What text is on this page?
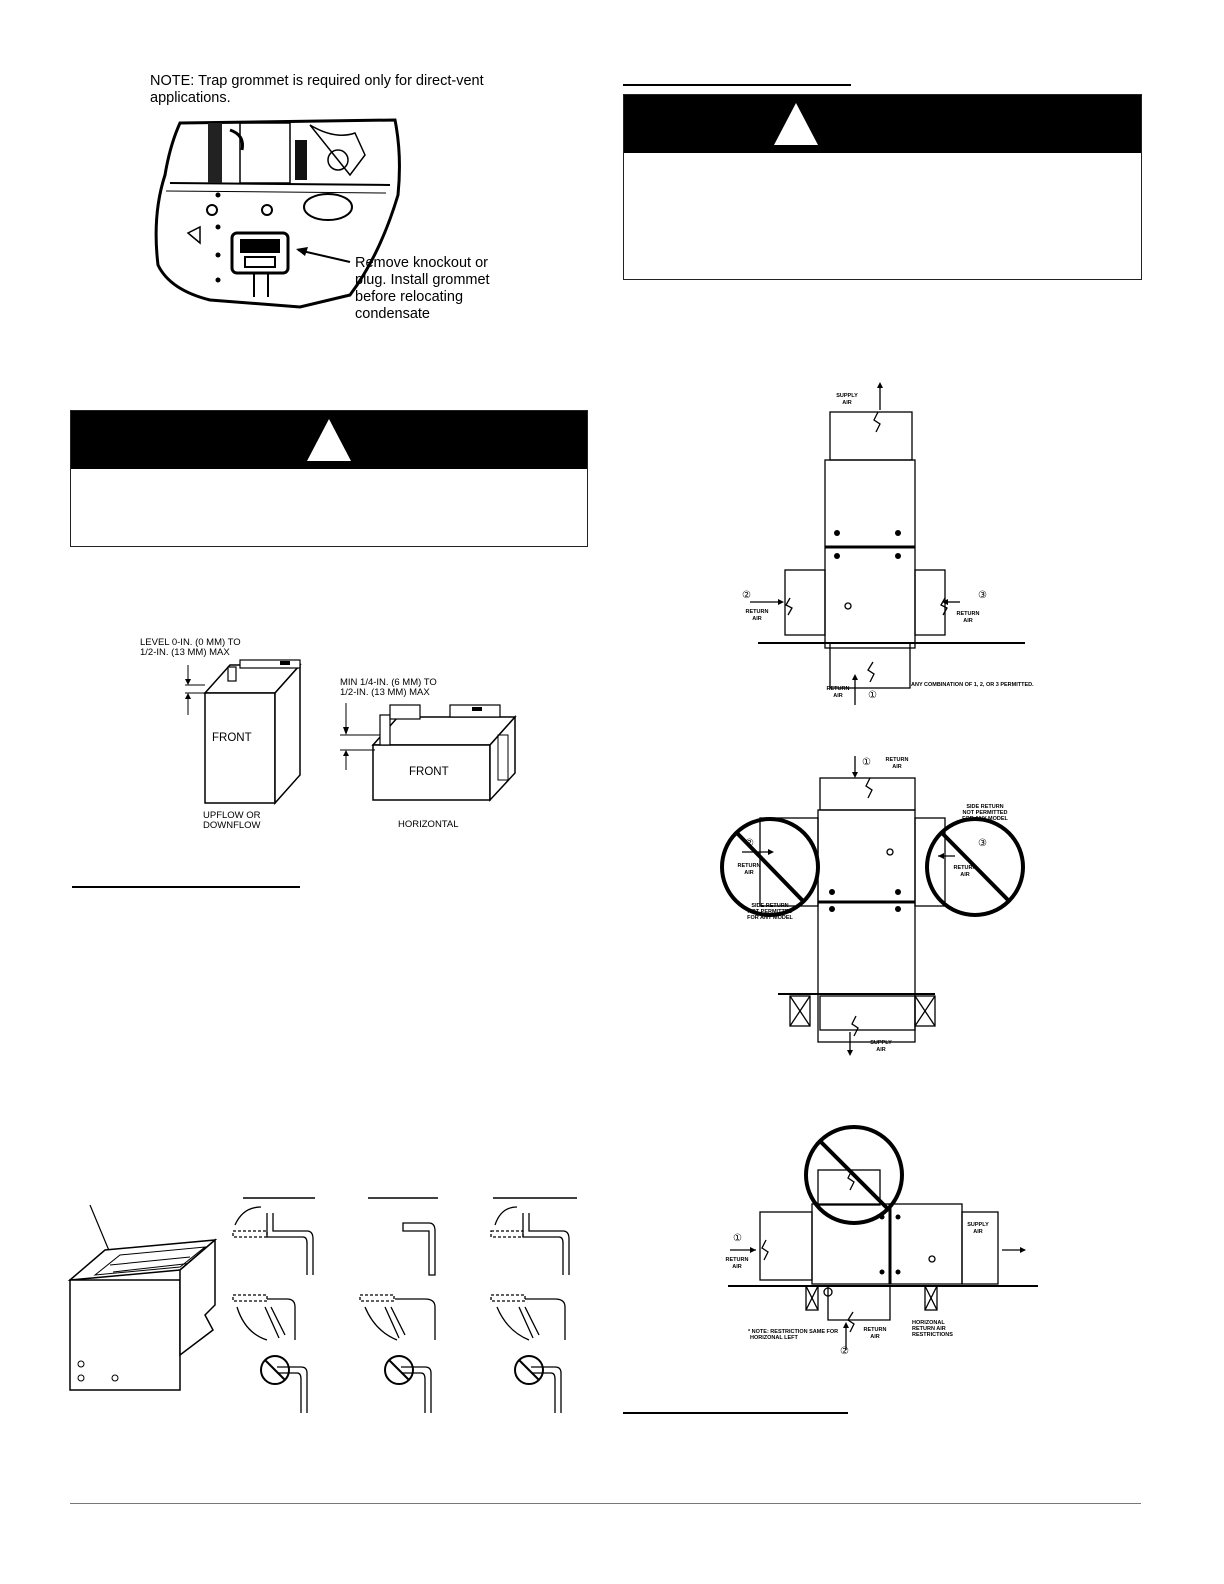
NOTE: Trap grommet is required only for direct-vent
applications.
Remove knockout or
plug. Install grommet
before relocating
condensate
LEVEL 0-IN. (0 MM) TO
1/2-IN. (13 MM) MAX
MIN 1/4-IN. (6 MM) TO
1/2-IN. (13 MM) MAX
FRONT
FRONT
UPFLOW OR
DOWNFLOW	HORIZONTAL
SUPPLY
AIR
②	③
RETURN
AIR
RETURN
AIR
RETURN
AIR	①
ANY COMBINATION OF 1, 2, OR 3 PERMITTED.
①	RETURN
AIR
②
RETURN
AIR
SIDE RETURN
NOT PERMITTED
FOR ANY MODEL
SIDE RETURN
NOT PERMITTED
FOR ANY MODEL
③
RETURN
AIR
SUPPLY
AIR
①
RETURN
AIR
SUPPLY
AIR
* NOTE: RESTRICTION SAME FOR
HORIZONAL LEFT
RETURN
AIR
HORIZONAL
RETURN AIR
RESTRICTIONS
②
